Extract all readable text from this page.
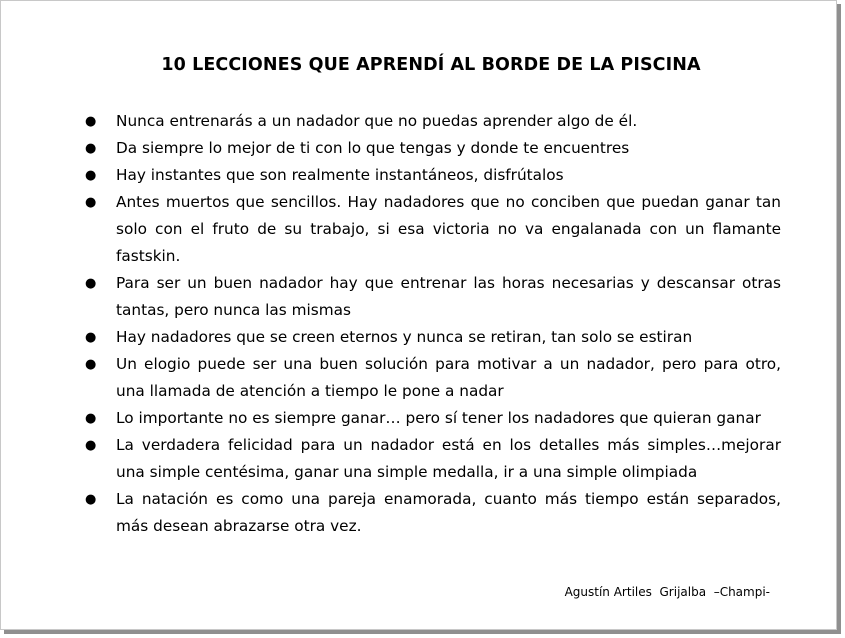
10 LECCIONES QUE APRENDÍ AL BORDE DE LA PISCINA
● Nunca entrenarás a un nadador que no puedas aprender algo de él.
● Da siempre lo mejor de ti con lo que tengas y donde te encuentres
● Hay instantes que son realmente instantáneos, disfrútalos
● Antes muertos que sencillos. Hay nadadores que no conciben que puedan ganar tan solo con el fruto de su trabajo, si esa victoria no va engalanada con un flamante fastskin.
● Para ser un buen nadador hay que entrenar las horas necesarias y descansar otras tantas, pero nunca las mismas
● Hay nadadores que se creen eternos y nunca se retiran, tan solo se estiran
● Un elogio puede ser una buen solución para motivar a un nadador, pero para otro, una llamada de atención a tiempo le pone a nadar
● Lo importante no es siempre ganar… pero sí tener los nadadores que quieran ganar
● La verdadera felicidad para un nadador está en los detalles más simples…mejorar una simple centésima, ganar una simple medalla, ir a una simple olimpiada
● La natación es como una pareja enamorada, cuanto más tiempo están separados, más desean abrazarse otra vez.
Agustín Artiles  Grijalba  –Champi-
